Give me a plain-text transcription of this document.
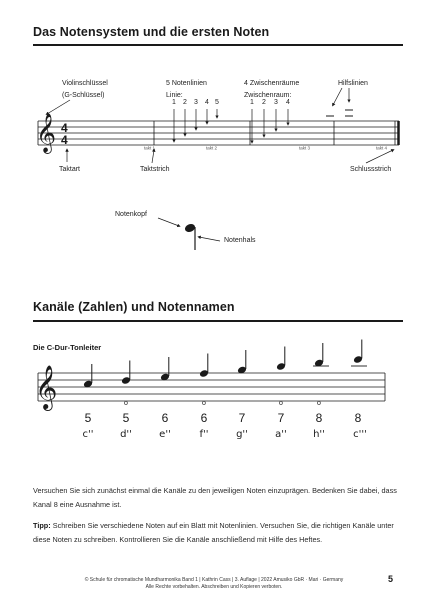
Das Notensystem und die ersten Noten
Violinschlüssel
(G-Schlüssel)
5 Notenlinien
Linie:
4 Zwischenräume
Zwischenraum:
Hilfslinien
1 2 3 4 5	1 2 3 4
𝄞 4
4
takt 1	takt 2	takt 3	takt 4
Taktart	Taktstrich	Schlussstrich
Notenkopf
Notenhals
Kanäle (Zahlen) und Notennamen
Die C-Dur-Tonleiter
𝄞
5	5	6	6	7	7	8	8
o	o	o	o
c''	d''	e''	f''	g''	a''	h''	c'''
Versuchen Sie sich zunächst einmal die Kanäle zu den jeweiligen Noten einzuprägen. Bedenken Sie dabei, dass Kanal 8 eine Ausnahme ist.
Tipp: Schreiben Sie verschiedene Noten auf ein Blatt mit Notenlinien. Versuchen Sie, die richtigen Kanäle unter diese Noten zu schreiben. Kontrollieren Sie die Kanäle anschließend mit Hilfe des Heftes.
© Schule für chromatische Mundharmonika Band 1 | Kathrin Cass | 3. Auflage | 2022 Amusiko GbR · Mari · Germany
Alle Rechte vorbehalten. Abschreiben und Kopieren verboten.
5
